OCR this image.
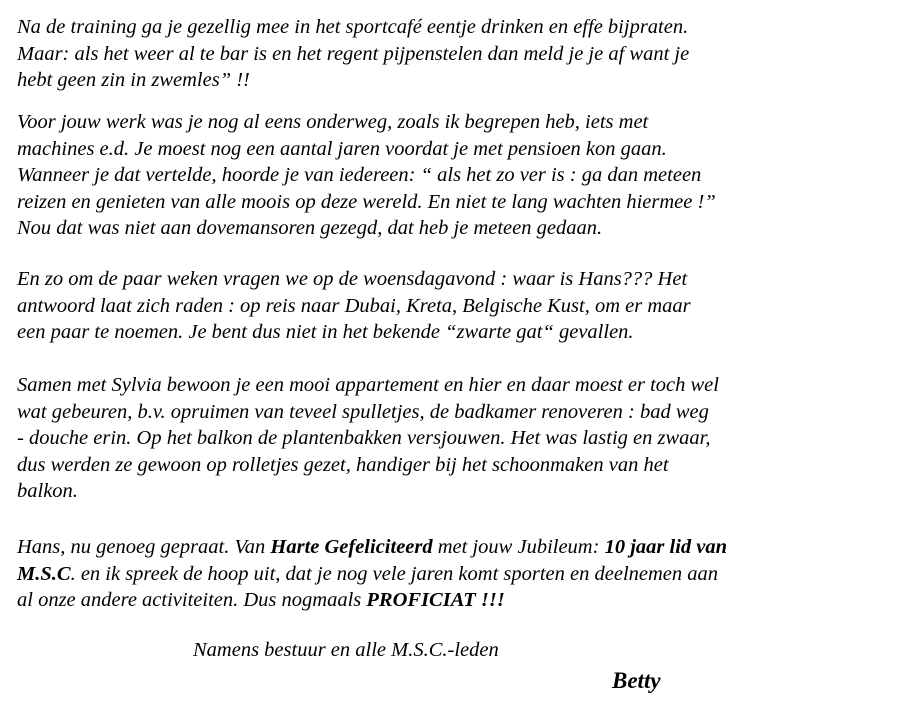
Na de training ga je gezellig mee in het sportcafé eentje drinken en effe bijpraten.
Maar: als het weer al te bar is en het regent pijpenstelen dan meld je je af want je
hebt geen zin in zwemles” !!

Voor jouw werk was je nog al eens onderweg, zoals ik begrepen heb, iets met
machines e.d. Je moest nog een aantal jaren voordat je met pensioen kon gaan.
Wanneer je dat vertelde, hoorde je van iedereen: “ als het zo ver is : ga dan meteen
reizen en genieten van alle moois op deze wereld. En niet te lang wachten hiermee !”
Nou dat was niet aan dovemansoren gezegd, dat heb je meteen gedaan.

En zo om de paar weken vragen we op de woensdagavond : waar is Hans??? Het
antwoord laat zich raden : op reis naar Dubai, Kreta, Belgische Kust, om er maar
een paar te noemen. Je bent dus niet in het bekende “zwarte gat“ gevallen.

Samen met Sylvia bewoon je een mooi appartement en hier en daar moest er toch wel
wat gebeuren, b.v. opruimen van teveel spulletjes, de badkamer renoveren : bad weg
- douche erin. Op het balkon de plantenbakken versjouwen. Het was lastig en zwaar,
dus werden ze gewoon op rolletjes gezet, handiger bij het schoonmaken van het
balkon.

Hans, nu genoeg gepraat. Van Harte Gefeliciteerd met jouw Jubileum: 10 jaar lid van
M.S.C. en ik spreek de hoop uit, dat je nog vele jaren komt sporten en deelnemen aan
al onze andere activiteiten. Dus nogmaals PROFICIAT !!!

Namens bestuur en alle M.S.C.-leden
Betty
